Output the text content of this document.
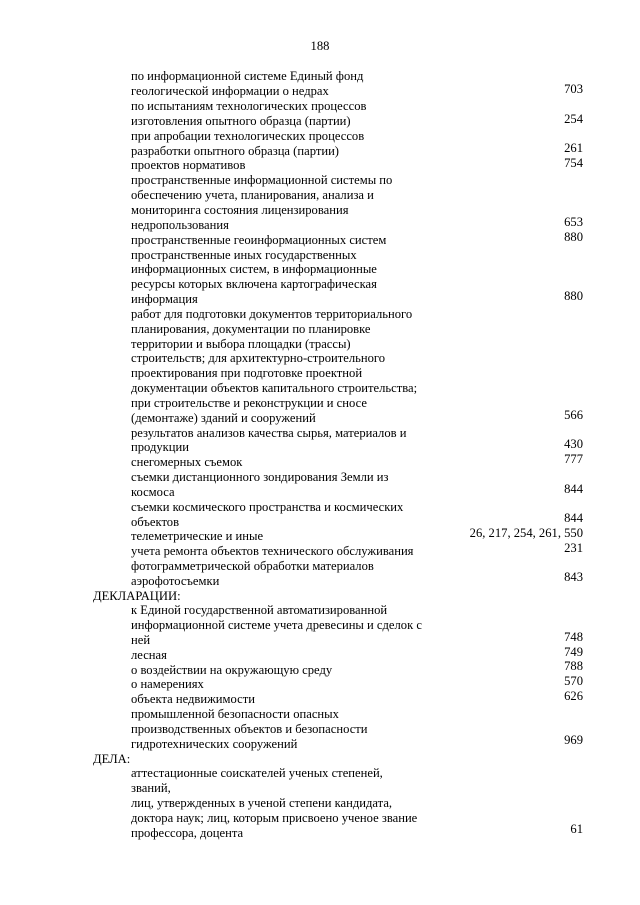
188
по информационной системе Единый фонд
геологической информации о недрах
по испытаниям технологических процессов
изготовления опытного образца (партии)
при апробации технологических процессов
разработки опытного образца (партии)
проектов нормативов
пространственные информационной системы по
обеспечению учета, планирования, анализа и
мониторинга состояния лицензирования
недропользования
пространственные геоинформационных систем
пространственные иных государственных
информационных систем, в информационные
ресурсы которых включена картографическая
информация
работ для подготовки документов территориального
планирования, документации по планировке
территории и выбора площадки (трассы)
строительств; для архитектурно-строительного
проектирования при подготовке проектной
документации объектов капитального строительства;
при строительстве и реконструкции и сносе
(демонтаже) зданий и сооружений
результатов анализов качества сырья, материалов и
продукции
снегомерных съемок
съемки дистанционного зондирования Земли из
космоса
съемки космического пространства и космических
объектов
телеметрические и иные
учета ремонта объектов технического обслуживания
фотограмметрической обработки материалов
аэрофотосъемки
ДЕКЛАРАЦИИ:
к Единой государственной автоматизированной
информационной системе учета древесины и сделок с
ней
лесная
о воздействии на окружающую среду
о намерениях
объекта недвижимости
промышленной безопасности опасных
производственных объектов и безопасности
гидротехнических сооружений
ДЕЛА:
аттестационные соискателей ученых степеней,
званий,
лиц, утвержденных в ученой степени кандидата,
доктора наук; лиц, которым присвоено ученое звание
профессора, доцента
703
254
261
754
653
880
880
566
430
777
844
844
26, 217, 254, 261, 550
231
843
748
749
788
570
626
969
61
